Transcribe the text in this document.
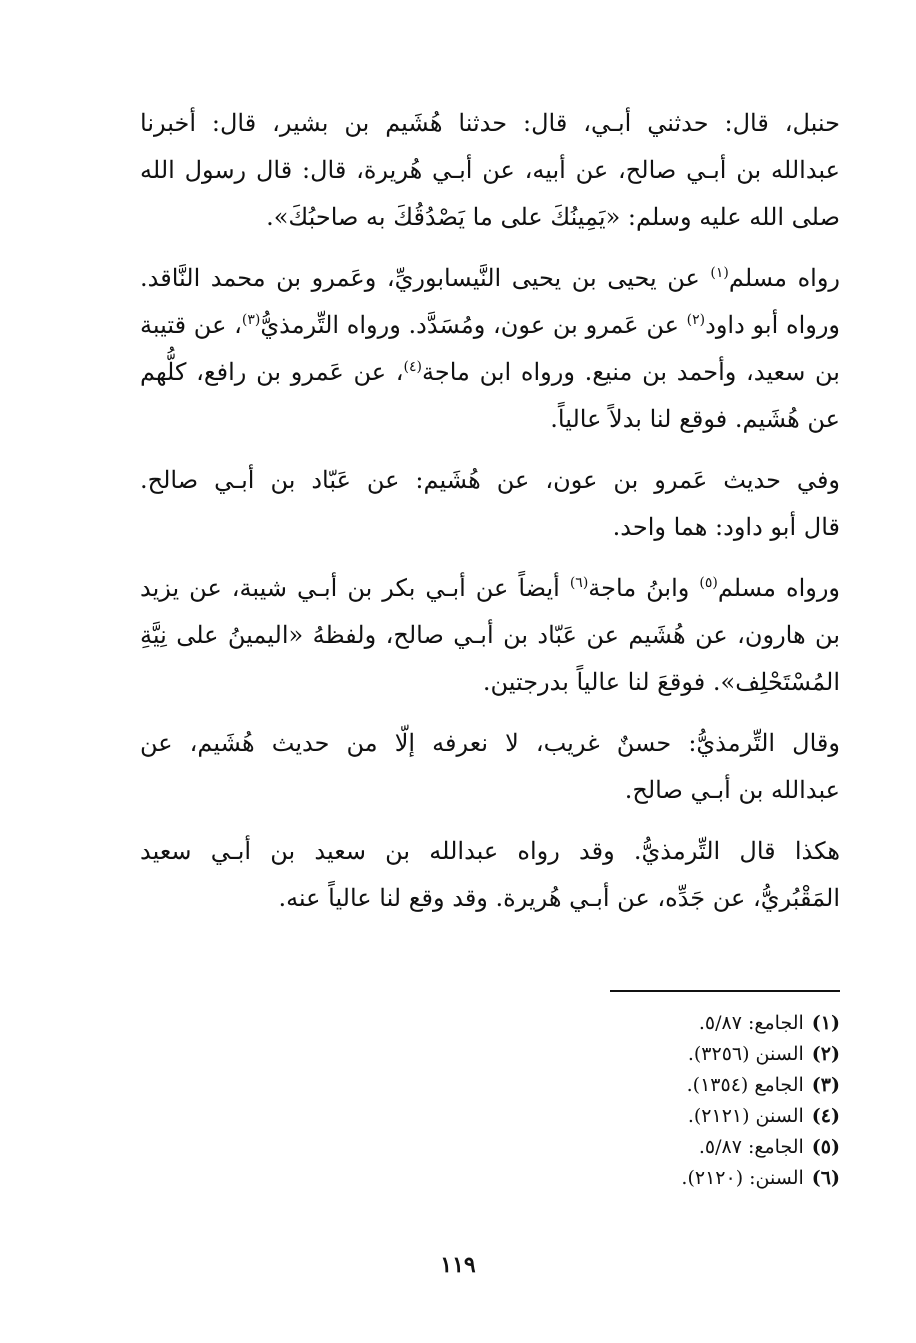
حنبل، قال: حدثني أبـي، قال: حدثنا هُشَيم بن بشير، قال: أخبرنا
عبدالله بن أبـي صالح، عن أبيه، عن أبـي هُريرة، قال: قال رسول الله
صلى الله عليه وسلم: «يَمِينُكَ على ما يَصْدُقُكَ به صاحبُكَ».

رواه مسلم$^{(١)}$ عن يحيى بن يحيى النَّيسابوريِّ، وعَمرو بن محمد النَّاقد. ورواه أبو داود$^{(٢)}$ عن عَمرو بن عون، ومُسَدَّد. ورواه التِّرمذيُّ$^{(٣)}$، عن قتيبة بن سعيد، وأحمد بن منيع. ورواه ابن ماجة$^{(٤)}$، عن عَمرو بن رافع، كلُّهم عن هُشَيم. فوقع لنا بدلاً عالياً.

وفي حديث عَمرو بن عون، عن هُشَيم: عن عَبّاد بن أبـي صالح.
قال أبو داود: هما واحد.

ورواه مسلم$^{(٥)}$ وابنُ ماجة$^{(٦)}$ أيضاً عن أبـي بكر بن أبـي شيبة، عن يزيد بن هارون، عن هُشَيم عن عَبّاد بن أبـي صالح، ولفظهُ «اليمينُ على نِيَّةِ المُسْتَحْلِف». فوقعَ لنا عالياً بدرجتين.

وقال التِّرمذيُّ: حسنٌ غريب، لا نعرفه إلّا من حديث هُشَيم، عن
عبدالله بن أبـي صالح.

هكذا قال التِّرمذيُّ. وقد رواه عبدالله بن سعيد بن أبـي سعيد
المَقْبُريُّ، عن جَدِّه، عن أبـي هُريرة. وقد وقع لنا عالياً عنه.

(١)الجامع: ٥/٨٧.
(٢)السنن (٣٢٥٦).
(٣)الجامع (١٣٥٤).
(٤)السنن (٢١٢١).
(٥)الجامع: ٥/٨٧.
(٦)السنن: (٢١٢٠).
١١٩
